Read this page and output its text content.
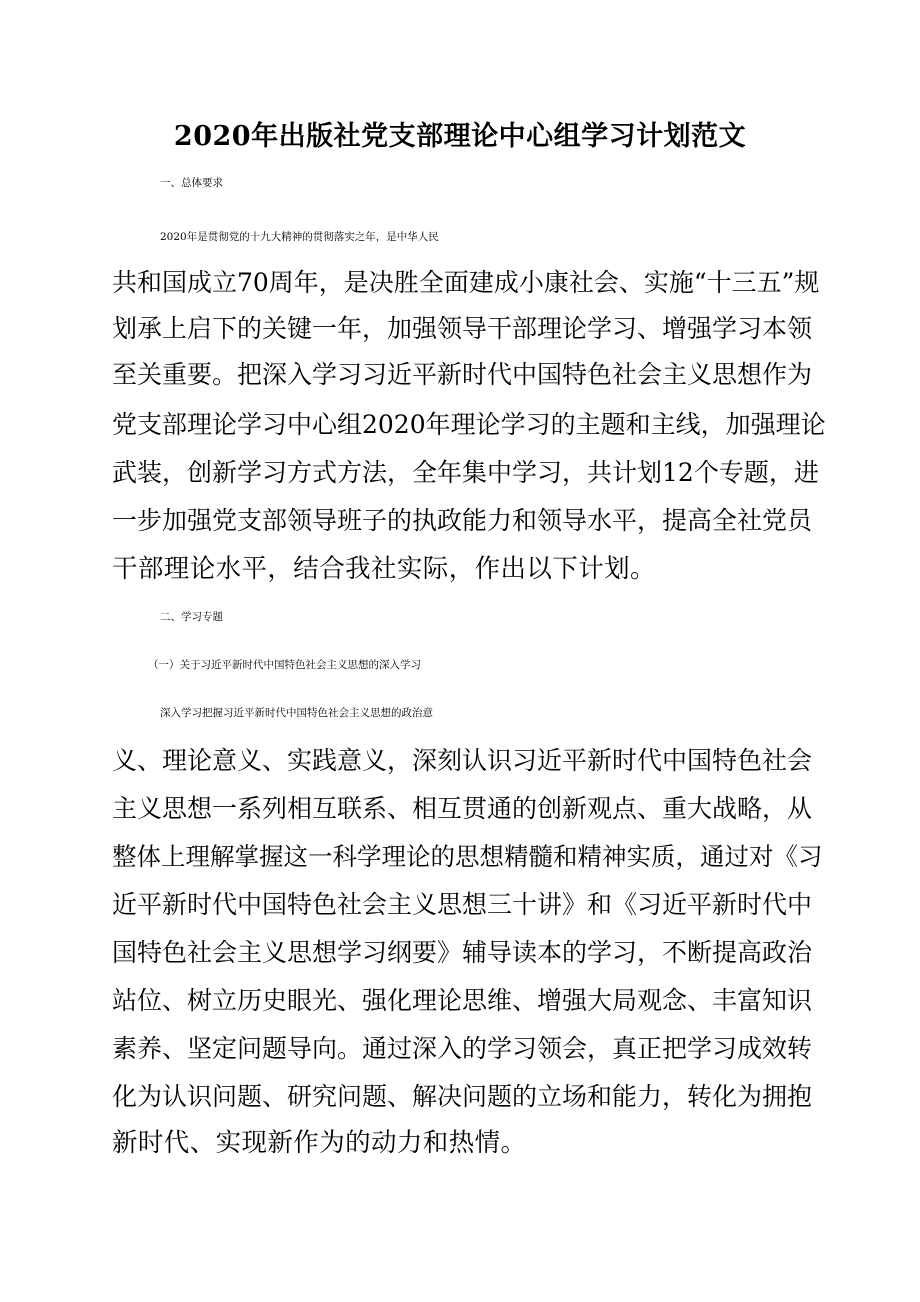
2020年出版社党支部理论中心组学习计划范文
一、总体要求
2020年是贯彻党的十九大精神的贯彻落实之年，是中华人民
共和国成立70周年，是决胜全面建成小康社会、实施“十三五”规
划承上启下的关键一年，加强领导干部理论学习、增强学习本领
至关重要。把深入学习习近平新时代中国特色社会主义思想作为
党支部理论学习中心组2020年理论学习的主题和主线，加强理论
武装，创新学习方式方法，全年集中学习，共计划12个专题，进
一步加强党支部领导班子的执政能力和领导水平，提高全社党员
干部理论水平，结合我社实际，作出以下计划。
二、学习专题
（一）关于习近平新时代中国特色社会主义思想的深入学习
深入学习把握习近平新时代中国特色社会主义思想的政治意
义、理论意义、实践意义，深刻认识习近平新时代中国特色社会
主义思想一系列相互联系、相互贯通的创新观点、重大战略，从
整体上理解掌握这一科学理论的思想精髓和精神实质，通过对《习
近平新时代中国特色社会主义思想三十讲》和《习近平新时代中
国特色社会主义思想学习纲要》辅导读本的学习，不断提高政治
站位、树立历史眼光、强化理论思维、增强大局观念、丰富知识
素养、坚定问题导向。通过深入的学习领会，真正把学习成效转
化为认识问题、研究问题、解决问题的立场和能力，转化为拥抱
新时代、实现新作为的动力和热情。
